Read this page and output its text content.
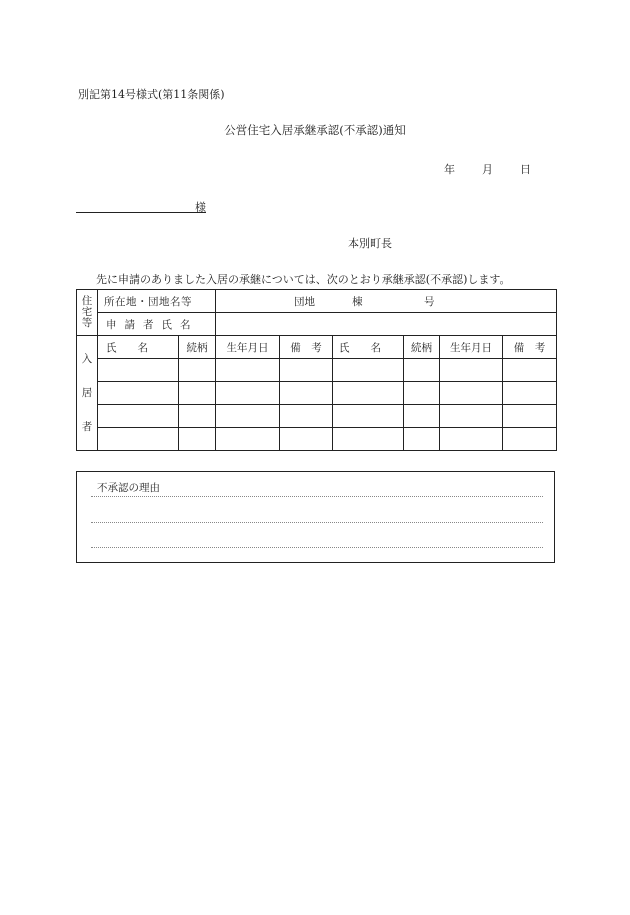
別記第14号様式(第11条関係)
公営住宅入居承継承認(不承認)通知
年 月 日
様
本別町長
先に申請のありました入居の承継については、次のとおり承継承認(不承認)します。
住宅等	所在地・団地名等		団地 棟 号					

	申請者氏名							

入居者	氏　　名	続柄	生年月日	備　考	氏　　名	続柄	生年月日	備　考

不承認の理由
